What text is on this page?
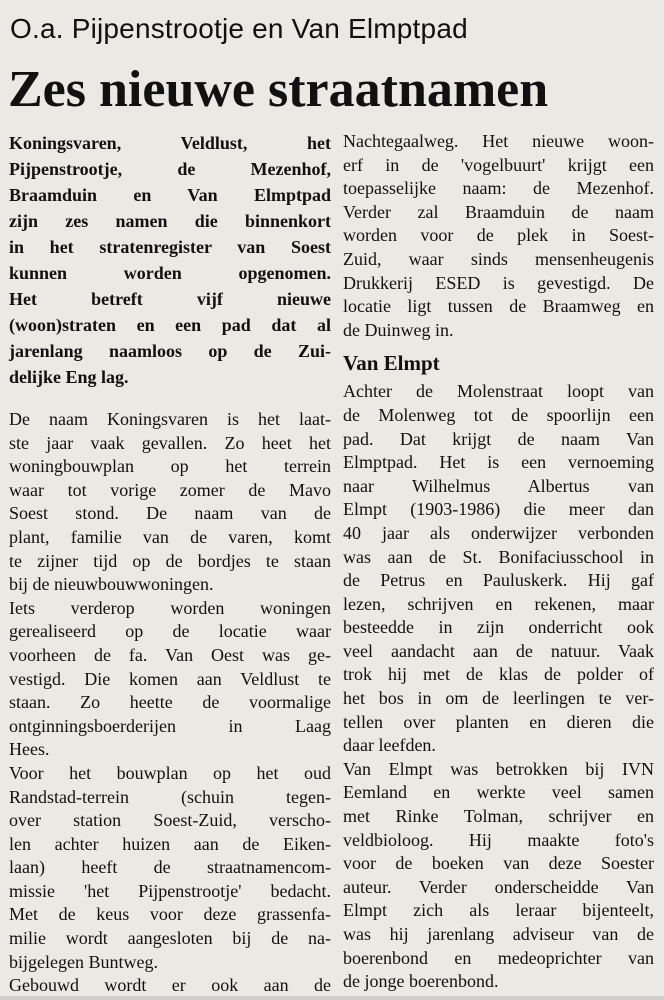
O.a. Pijpenstrootje en Van Elmptpad
Zes nieuwe straatnamen
Koningsvaren, Veldlust, het
Pijpenstrootje, de Mezenhof,
Braamduin en Van Elmptpad
zijn zes namen die binnenkort
in het stratenregister van Soest
kunnen worden opgenomen.
Het betreft vijf nieuwe
(woon)straten en een pad dat al
jarenlang naamloos op de Zui-
delijke Eng lag.
De naam Koningsvaren is het laat-
ste jaar vaak gevallen. Zo heet het
woningbouwplan op het terrein
waar tot vorige zomer de Mavo
Soest stond. De naam van de
plant, familie van de varen, komt
te zijner tijd op de bordjes te staan
bij de nieuwbouwwoningen.
Iets verderop worden woningen
gerealiseerd op de locatie waar
voorheen de fa. Van Oest was ge-
vestigd. Die komen aan Veldlust te
staan. Zo heette de voormalige
ontginningsboerderijen in Laag
Hees.
Voor het bouwplan op het oud
Randstad-terrein (schuin tegen-
over station Soest-Zuid, verscho-
len achter huizen aan de Eiken-
laan) heeft de straatnamencom-
missie 'het Pijpenstrootje' bedacht.
Met de keus voor deze grassenfa-
milie wordt aangesloten bij de na-
bijgelegen Buntweg.
Gebouwd wordt er ook aan de
Nachtegaalweg. Het nieuwe woon-
erf in de 'vogelbuurt' krijgt een
toepasselijke naam: de Mezenhof.
Verder zal Braamduin de naam
worden voor de plek in Soest-
Zuid, waar sinds mensenheugenis
Drukkerij ESED is gevestigd. De
locatie ligt tussen de Braamweg en
de Duinweg in.
Van Elmpt
Achter de Molenstraat loopt van
de Molenweg tot de spoorlijn een
pad. Dat krijgt de naam Van
Elmptpad. Het is een vernoeming
naar Wilhelmus Albertus van
Elmpt (1903-1986) die meer dan
40 jaar als onderwijzer verbonden
was aan de St. Bonifaciusschool in
de Petrus en Pauluskerk. Hij gaf
lezen, schrijven en rekenen, maar
besteedde in zijn onderricht ook
veel aandacht aan de natuur. Vaak
trok hij met de klas de polder of
het bos in om de leerlingen te ver-
tellen over planten en dieren die
daar leefden.
Van Elmpt was betrokken bij IVN
Eemland en werkte veel samen
met Rinke Tolman, schrijver en
veldbioloog. Hij maakte foto's
voor de boeken van deze Soester
auteur. Verder onderscheidde Van
Elmpt zich als leraar bijenteelt,
was hij jarenlang adviseur van de
boerenbond en medeoprichter van
de jonge boerenbond.
